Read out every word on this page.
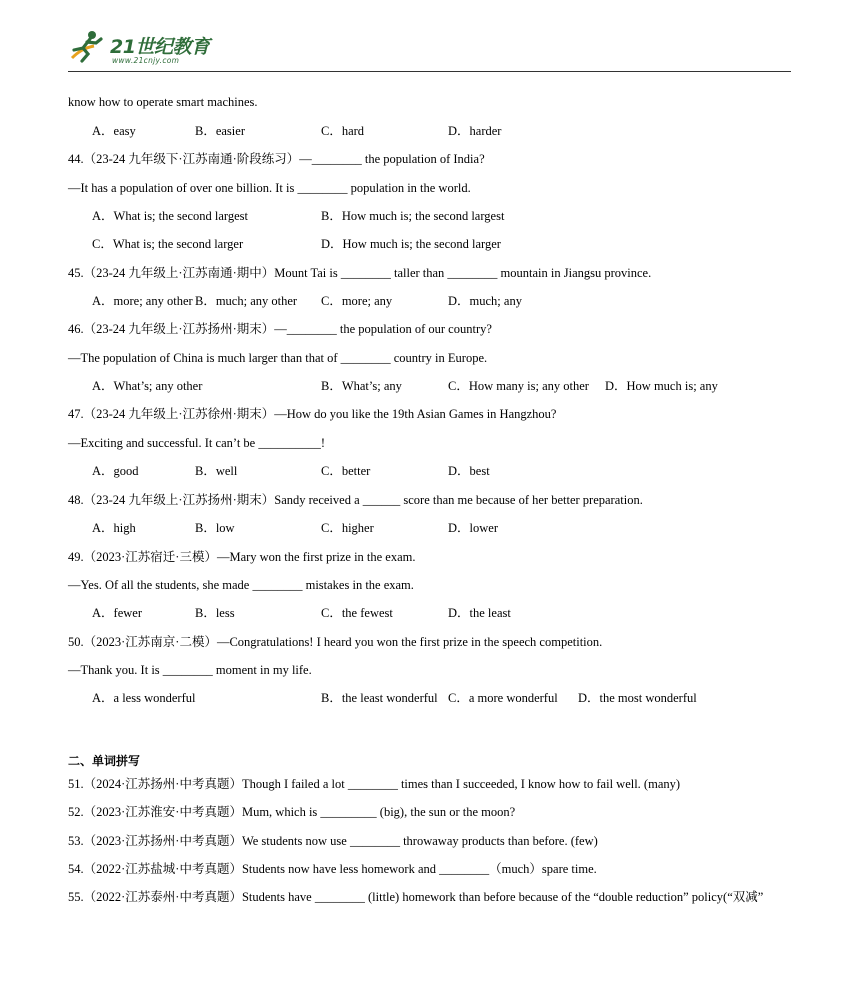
21世纪教育
www.21cnjy.com
know how to operate smart machines.
A．easy	B．easier	C．hard	D．harder
44.（23-24 九年级下·江苏南通·阶段练习）—________ the population of India?
—It has a population of over one billion. It is ________ population in the world.
A．What is; the second largest	B．How much is; the second largest
C．What is; the second larger	D．How much is; the second larger
45.（23-24 九年级上·江苏南通·期中）Mount Tai is ________ taller than ________ mountain in Jiangsu province.
A．more; any other B．much; any other C．more; any	D．much; any
46.（23-24 九年级上·江苏扬州·期末）—________ the population of our country?
—The population of China is much larger than that of ________ country in Europe.
A．What’s; any other	B．What’s; any	C．How many is; any other D．How much is; any
47.（23-24 九年级上·江苏徐州·期末）—How do you like the 19th Asian Games in Hangzhou?
—Exciting and successful. It can’t be __________!
A．good	B．well	C．better	D．best
48.（23-24 九年级上·江苏扬州·期末）Sandy received a ______ score than me because of her better preparation.
A．high	B．low	C．higher	D．lower
49.（2023·江苏宿迁·三模）—Mary won the first prize in the exam.
—Yes. Of all the students, she made ________ mistakes in the exam.
A．fewer	B．less	C．the fewest	D．the least
50.（2023·江苏南京·二模）—Congratulations! I heard you won the first prize in the speech competition.
—Thank you. It is ________ moment in my life.
A．a less wonderful	B．the least wonderful C．a more wonderful D．the most wonderful
二、单词拼写
51.（2024·江苏扬州·中考真题）Though I failed a lot ________ times than I succeeded, I know how to fail well. (many)
52.（2023·江苏淮安·中考真题）Mum, which is _________ (big), the sun or the moon?
53.（2023·江苏扬州·中考真题）We students now use ________ throwaway products than before. (few)
54.（2022·江苏盐城·中考真题）Students now have less homework and ________（much）spare time.
55.（2022·江苏泰州·中考真题）Students have ________ (little) homework than before because of the “double reduction” policy(“双减”
